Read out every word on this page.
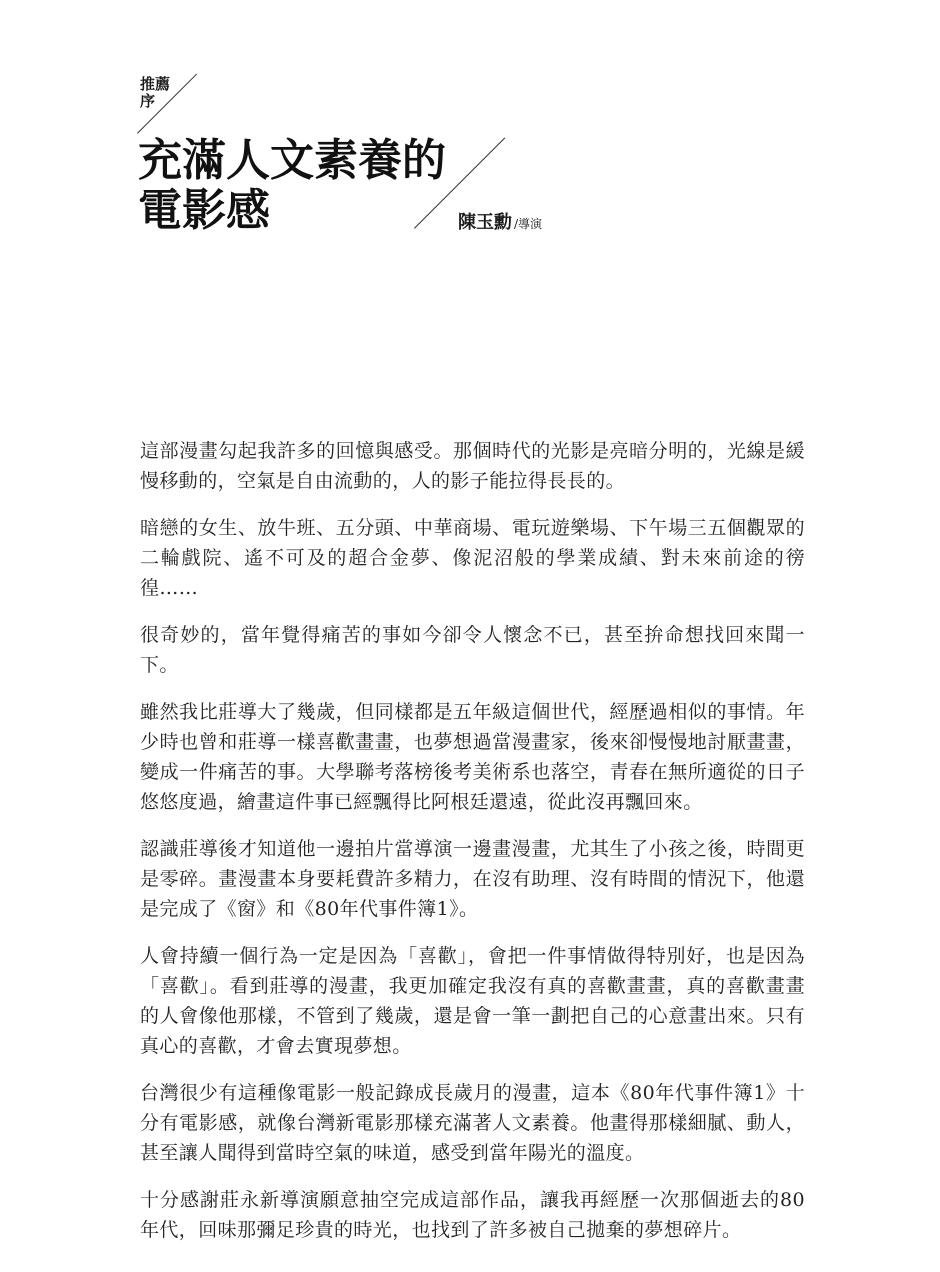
推薦
序
充滿人文素養的
電影感	陳玉勳 /導演

這部漫畫勾起我許多的回憶與感受。那個時代的光影是亮暗分明的，光線是緩慢移動的，空氣是自由流動的，人的影子能拉得長長的。

暗戀的女生、放牛班、五分頭、中華商場、電玩遊樂場、下午場三五個觀眾的二輪戲院、遙不可及的超合金夢、像泥沼般的學業成績、對未來前途的徬徨……

很奇妙的，當年覺得痛苦的事如今卻令人懷念不已，甚至拚命想找回來聞一下。

雖然我比莊導大了幾歲，但同樣都是五年級這個世代，經歷過相似的事情。年少時也曾和莊導一樣喜歡畫畫，也夢想過當漫畫家，後來卻慢慢地討厭畫畫，變成一件痛苦的事。大學聯考落榜後考美術系也落空，青春在無所適從的日子悠悠度過，繪畫這件事已經飄得比阿根廷還遠，從此沒再飄回來。

認識莊導後才知道他一邊拍片當導演一邊畫漫畫，尤其生了小孩之後，時間更是零碎。畫漫畫本身要耗費許多精力，在沒有助理、沒有時間的情況下，他還是完成了《窗》和《80年代事件簿1》。

人會持續一個行為一定是因為「喜歡」，會把一件事情做得特別好，也是因為「喜歡」。看到莊導的漫畫，我更加確定我沒有真的喜歡畫畫，真的喜歡畫畫的人會像他那樣，不管到了幾歲，還是會一筆一劃把自己的心意畫出來。只有真心的喜歡，才會去實現夢想。

台灣很少有這種像電影一般記錄成長歲月的漫畫，這本《80年代事件簿1》十分有電影感，就像台灣新電影那樣充滿著人文素養。他畫得那樣細膩、動人，甚至讓人聞得到當時空氣的味道，感受到當年陽光的溫度。

十分感謝莊永新導演願意抽空完成這部作品，讓我再經歷一次那個逝去的80年代，回味那彌足珍貴的時光，也找到了許多被自己拋棄的夢想碎片。
